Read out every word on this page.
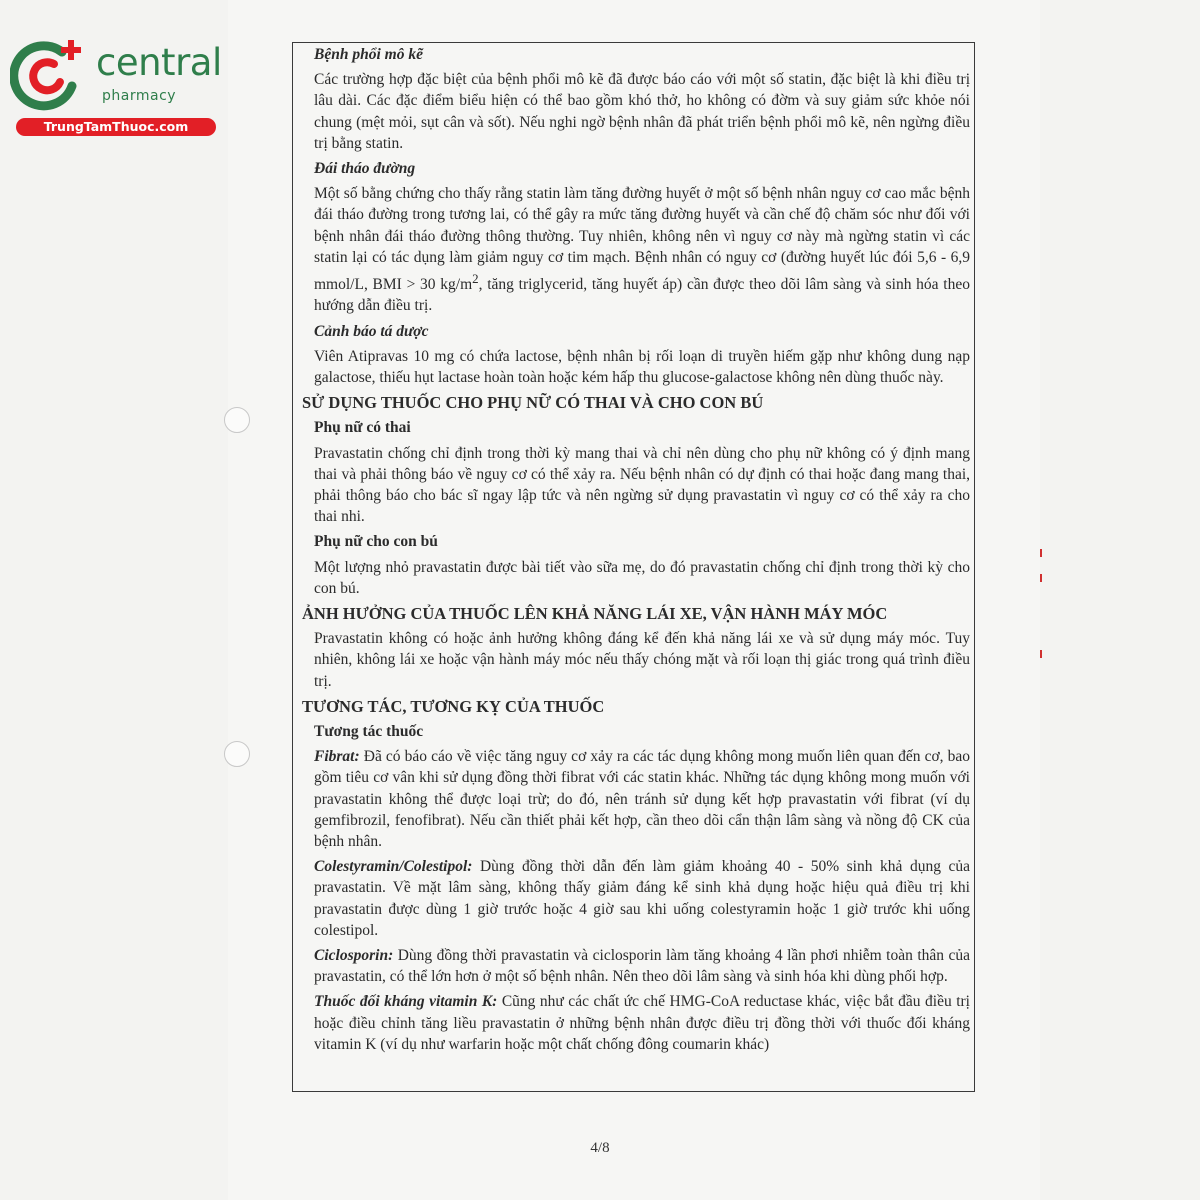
central
pharmacy
TrungTamThuoc.com

Bệnh phổi mô kẽ

Các trường hợp đặc biệt của bệnh phổi mô kẽ đã được báo cáo với một số statin, đặc biệt là khi điều trị lâu dài. Các đặc điểm biểu hiện có thể bao gồm khó thở, ho không có đờm và suy giảm sức khỏe nói chung (mệt mỏi, sụt cân và sốt). Nếu nghi ngờ bệnh nhân đã phát triển bệnh phổi mô kẽ, nên ngừng điều trị bằng statin.

Đái tháo đường

Một số bằng chứng cho thấy rằng statin làm tăng đường huyết ở một số bệnh nhân nguy cơ cao mắc bệnh đái tháo đường trong tương lai, có thể gây ra mức tăng đường huyết và cần chế độ chăm sóc như đối với bệnh nhân đái tháo đường thông thường. Tuy nhiên, không nên vì nguy cơ này mà ngừng statin vì các statin lại có tác dụng làm giảm nguy cơ tim mạch. Bệnh nhân có nguy cơ (đường huyết lúc đói 5,6 - 6,9 mmol/L, BMI > 30 $kg/m^2$, tăng triglycerid, tăng huyết áp) cần được theo dõi lâm sàng và sinh hóa theo hướng dẫn điều trị.

Cảnh báo tá dược

Viên Atipravas 10 mg có chứa lactose, bệnh nhân bị rối loạn di truyền hiếm gặp như không dung nạp galactose, thiếu hụt lactase hoàn toàn hoặc kém hấp thu glucose-galactose không nên dùng thuốc này.

SỬ DỤNG THUỐC CHO PHỤ NỮ CÓ THAI VÀ CHO CON BÚ

Phụ nữ có thai

Pravastatin chống chỉ định trong thời kỳ mang thai và chỉ nên dùng cho phụ nữ không có ý định mang thai và phải thông báo về nguy cơ có thể xảy ra. Nếu bệnh nhân có dự định có thai hoặc đang mang thai, phải thông báo cho bác sĩ ngay lập tức và nên ngừng sử dụng pravastatin vì nguy cơ có thể xảy ra cho thai nhi.

Phụ nữ cho con bú

Một lượng nhỏ pravastatin được bài tiết vào sữa mẹ, do đó pravastatin chống chỉ định trong thời kỳ cho con bú.

ẢNH HƯỞNG CỦA THUỐC LÊN KHẢ NĂNG LÁI XE, VẬN HÀNH MÁY MÓC

Pravastatin không có hoặc ảnh hưởng không đáng kể đến khả năng lái xe và sử dụng máy móc. Tuy nhiên, không lái xe hoặc vận hành máy móc nếu thấy chóng mặt và rối loạn thị giác trong quá trình điều trị.

TƯƠNG TÁC, TƯƠNG KỴ CỦA THUỐC

Tương tác thuốc

Fibrat: Đã có báo cáo về việc tăng nguy cơ xảy ra các tác dụng không mong muốn liên quan đến cơ, bao gồm tiêu cơ vân khi sử dụng đồng thời fibrat với các statin khác. Những tác dụng không mong muốn với pravastatin không thể được loại trừ; do đó, nên tránh sử dụng kết hợp pravastatin với fibrat (ví dụ gemfibrozil, fenofibrat). Nếu cần thiết phải kết hợp, cần theo dõi cẩn thận lâm sàng và nồng độ CK của bệnh nhân.

Colestyramin/Colestipol: Dùng đồng thời dẫn đến làm giảm khoảng 40 - 50% sinh khả dụng của pravastatin. Về mặt lâm sàng, không thấy giảm đáng kể sinh khả dụng hoặc hiệu quả điều trị khi pravastatin được dùng 1 giờ trước hoặc 4 giờ sau khi uống colestyramin hoặc 1 giờ trước khi uống colestipol.

Ciclosporin: Dùng đồng thời pravastatin và ciclosporin làm tăng khoảng 4 lần phơi nhiễm toàn thân của pravastatin, có thể lớn hơn ở một số bệnh nhân. Nên theo dõi lâm sàng và sinh hóa khi dùng phối hợp.

Thuốc đối kháng vitamin K: Cũng như các chất ức chế HMG-CoA reductase khác, việc bắt đầu điều trị hoặc điều chỉnh tăng liều pravastatin ở những bệnh nhân được điều trị đồng thời với thuốc đối kháng vitamin K (ví dụ như warfarin hoặc một chất chống đông coumarin khác)

4/8
